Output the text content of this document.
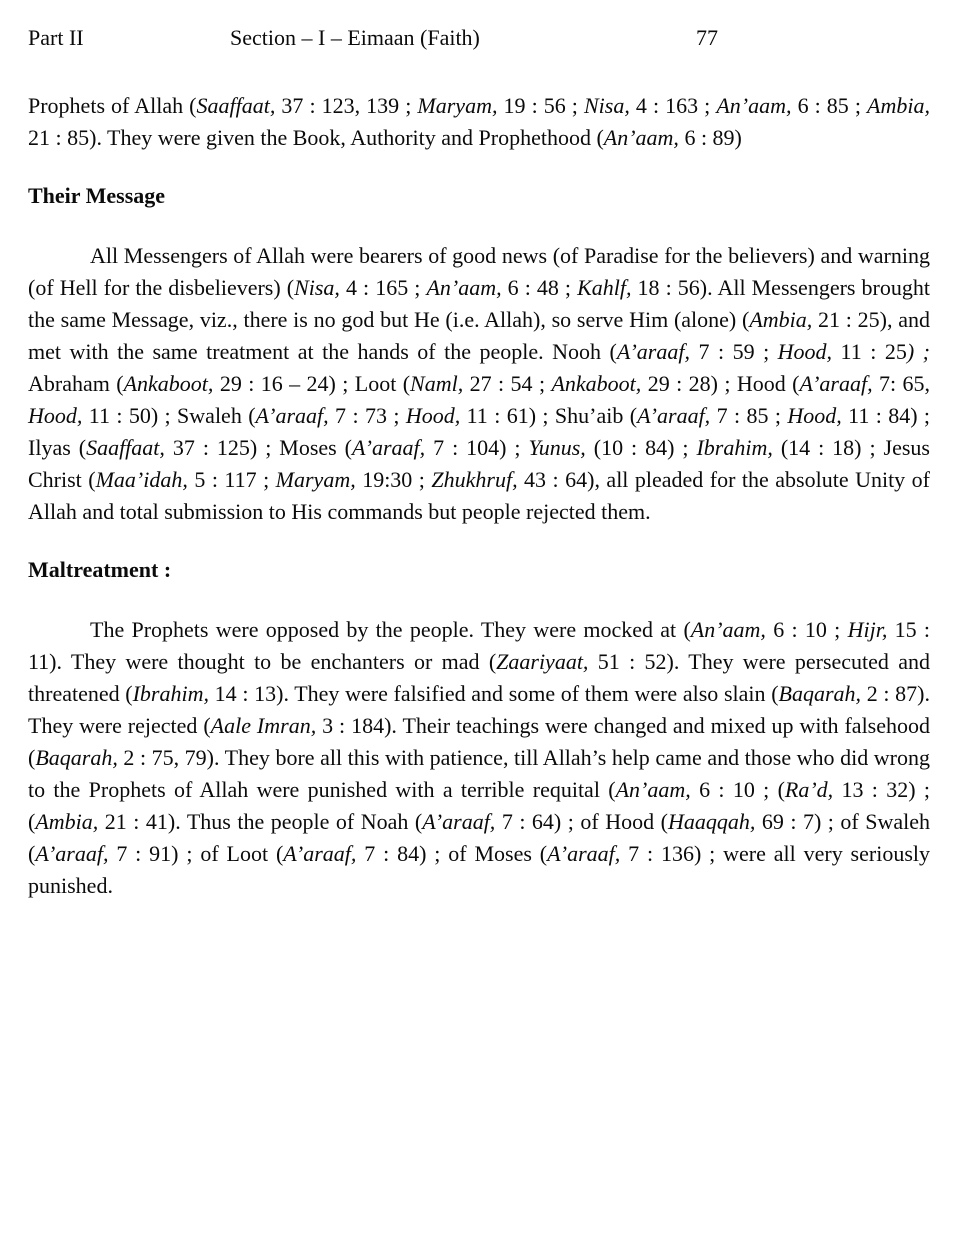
Part II	Section – I – Eimaan (Faith)	77

Prophets of Allah (Saaffaat, 37 : 123, 139 ; Maryam, 19 : 56 ; Nisa, 4 : 163 ; An’aam, 6 : 85 ; Ambia, 21 : 85). They were given the Book, Authority and Prophethood (An’aam, 6 : 89)

Their Message

All Messengers of Allah were bearers of good news (of Paradise for the believers) and warning (of Hell for the disbelievers) (Nisa, 4 : 165 ; An’aam, 6 : 48 ; Kahlf, 18 : 56). All Messengers brought the same Message, viz., there is no god but He (i.e. Allah), so serve Him (alone) (Ambia, 21 : 25), and met with the same treatment at the hands of the people. Nooh (A’araaf, 7 : 59 ; Hood, 11 : 25) ; Abraham (Ankaboot, 29 : 16 – 24) ; Loot (Naml, 27 : 54 ; Ankaboot, 29 : 28) ; Hood (A’araaf, 7: 65, Hood, 11 : 50) ; Swaleh (A’araaf, 7 : 73 ; Hood, 11 : 61) ; Shu’aib (A’araaf, 7 : 85 ; Hood, 11 : 84) ; Ilyas (Saaffaat, 37 : 125) ; Moses (A’araaf, 7 : 104) ; Yunus, (10 : 84) ; Ibrahim, (14 : 18) ; Jesus Christ (Maa’idah, 5 : 117 ; Maryam, 19:30 ; Zhukhruf, 43 : 64), all pleaded for the absolute Unity of Allah and total submission to His commands but people rejected them.

Maltreatment :

The Prophets were opposed by the people. They were mocked at (An’aam, 6 : 10 ; Hijr, 15 : 11). They were thought to be enchanters or mad (Zaariyaat, 51 : 52). They were persecuted and threatened (Ibrahim, 14 : 13). They were falsified and some of them were also slain (Baqarah, 2 : 87). They were rejected (Aale Imran, 3 : 184). Their teachings were changed and mixed up with falsehood (Baqarah, 2 : 75, 79). They bore all this with patience, till Allah’s help came and those who did wrong to the Prophets of Allah were punished with a terrible requital (An’aam, 6 : 10 ; (Ra’d, 13 : 32) ; (Ambia, 21 : 41). Thus the people of Noah (A’araaf, 7 : 64) ; of Hood (Haaqqah, 69 : 7) ; of Swaleh (A’araaf, 7 : 91) ; of Loot (A’araaf, 7 : 84) ; of Moses (A’araaf, 7 : 136) ; were all very seriously punished.
